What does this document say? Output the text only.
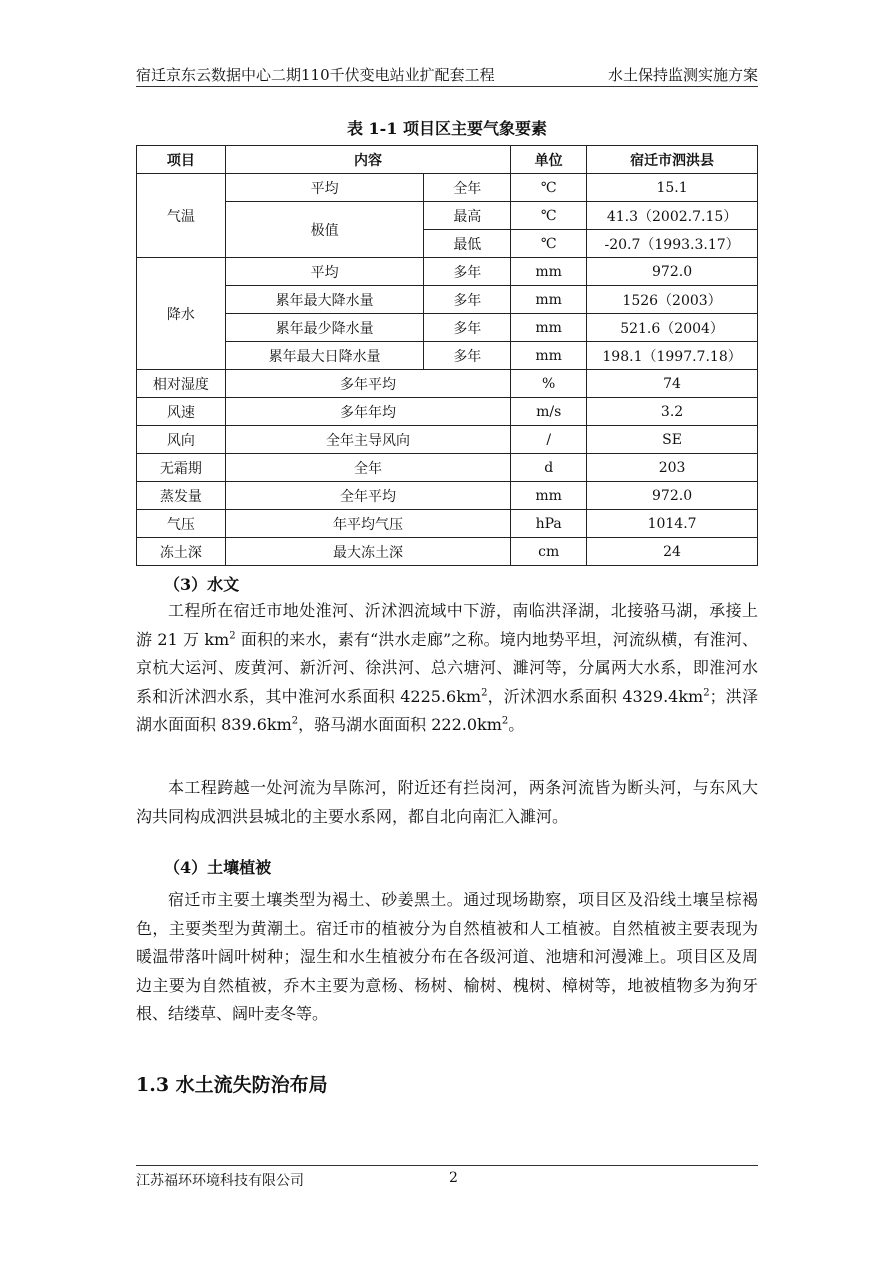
宿迁京东云数据中心二期110千伏变电站业扩配套工程	水土保持监测实施方案
表 1-1 项目区主要气象要素
项目	内容		单位	宿迁市泗洪县
气温	平均	全年	℃	15.1
	极值	最高	℃	41.3（2002.7.15）
		最低	℃	-20.7（1993.3.17）
降水	平均	多年	mm	972.0
	累年最大降水量	多年	mm	1526（2003）
	累年最少降水量	多年	mm	521.6（2004）
	累年最大日降水量	多年	mm	198.1（1997.7.18）
相对湿度	多年平均		%	74
风速	多年年均		m/s	3.2
风向	全年主导风向		/	SE
无霜期	全年		d	203
蒸发量	全年平均		mm	972.0
气压	年平均气压		hPa	1014.7
冻土深	最大冻土深		cm	24
（3）水文

工程所在宿迁市地处淮河、沂沭泗流域中下游，南临洪泽湖，北接骆马湖，承接上游 21 万 $km^2$ 面积的来水，素有“洪水走廊”之称。境内地势平坦，河流纵横，有淮河、京杭大运河、废黄河、新沂河、徐洪河、总六塘河、濉河等，分属两大水系，即淮河水系和沂沭泗水系，其中淮河水系面积 $4225.6km^2$，沂沭泗水系面积 $4329.4km^2$；洪泽湖水面面积 $839.6km^2$，骆马湖水面面积 $222.0km^2$。

本工程跨越一处河流为旱陈河，附近还有拦岗河，两条河流皆为断头河，与东风大沟共同构成泗洪县城北的主要水系网，都自北向南汇入濉河。

（4）土壤植被

宿迁市主要土壤类型为褐土、砂姜黑土。通过现场勘察，项目区及沿线土壤呈棕褐色，主要类型为黄潮土。宿迁市的植被分为自然植被和人工植被。自然植被主要表现为暖温带落叶阔叶树种；湿生和水生植被分布在各级河道、池塘和河漫滩上。项目区及周边主要为自然植被，乔木主要为意杨、杨树、榆树、槐树、樟树等，地被植物多为狗牙根、结缕草、阔叶麦冬等。

1.3 水土流失防治布局
江苏福环环境科技有限公司	2
